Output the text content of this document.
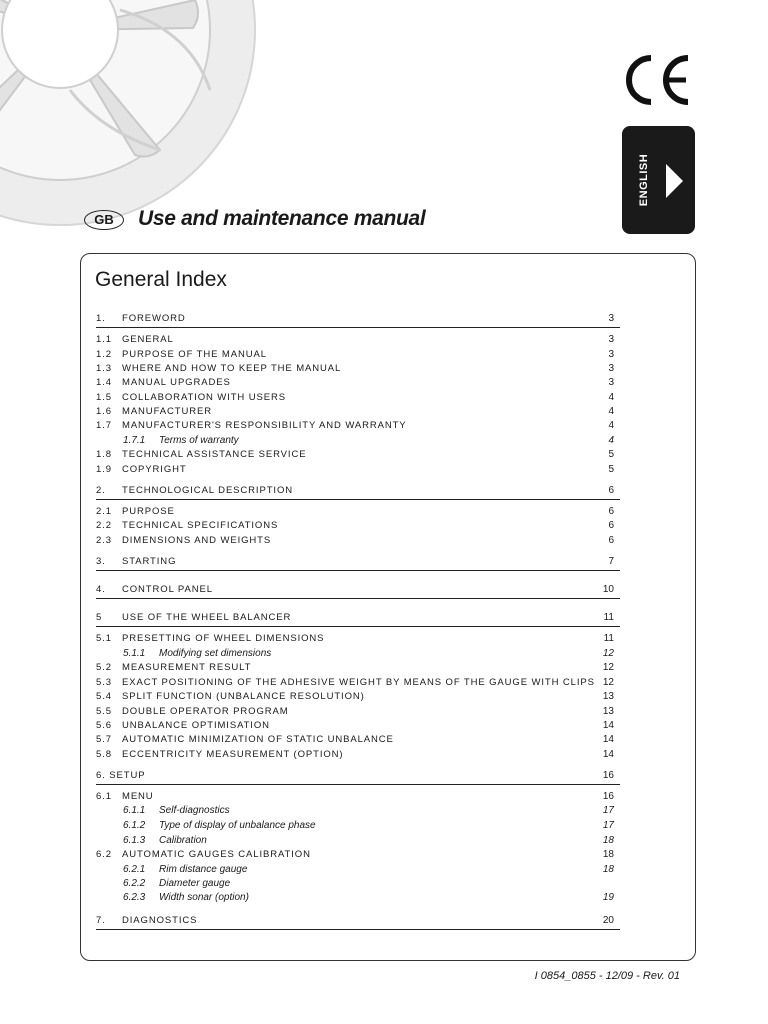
ENGLISH
GB	Use and maintenance manual
General Index
1. FOREWORD	3
1.1 GENERAL	3
1.2 PURPOSE OF THE MANUAL	3
1.3 WHERE AND HOW TO KEEP THE MANUAL	3
1.4 MANUAL UPGRADES	3
1.5 COLLABORATION WITH USERS	4
1.6 MANUFACTURER	4
1.7 MANUFACTURER'S RESPONSIBILITY AND WARRANTY	4
1.7.1 Terms of warranty	4
1.8 TECHNICAL ASSISTANCE SERVICE	5
1.9 COPYRIGHT	5
2. TECHNOLOGICAL DESCRIPTION	6
2.1 PURPOSE	6
2.2 TECHNICAL SPECIFICATIONS	6
2.3 DIMENSIONS AND WEIGHTS	6
3. STARTING	7
4. CONTROL PANEL	10
5 USE OF THE WHEEL BALANCER	11
5.1 PRESETTING OF WHEEL DIMENSIONS	11
5.1.1 Modifying set dimensions	12
5.2 MEASUREMENT RESULT	12
5.3 EXACT POSITIONING OF THE ADHESIVE WEIGHT BY MEANS OF THE GAUGE WITH CLIPS 12
5.4 SPLIT FUNCTION (UNBALANCE RESOLUTION)	13
5.5 DOUBLE OPERATOR PROGRAM	13
5.6 UNBALANCE OPTIMISATION	14
5.7 AUTOMATIC MINIMIZATION OF STATIC UNBALANCE	14
5.8 ECCENTRICITY MEASUREMENT (OPTION)	14
6. SETUP	16
6.1 MENU	16
6.1.1 Self-diagnostics	17
6.1.2 Type of display of unbalance phase	17
6.1.3 Calibration	18
6.2 AUTOMATIC GAUGES CALIBRATION	18
6.2.1 Rim distance gauge	18
6.2.2 Diameter gauge
6.2.3 Width sonar (option)	19
7. DIAGNOSTICS	20
I 0854_0855 - 12/09 - Rev. 01
